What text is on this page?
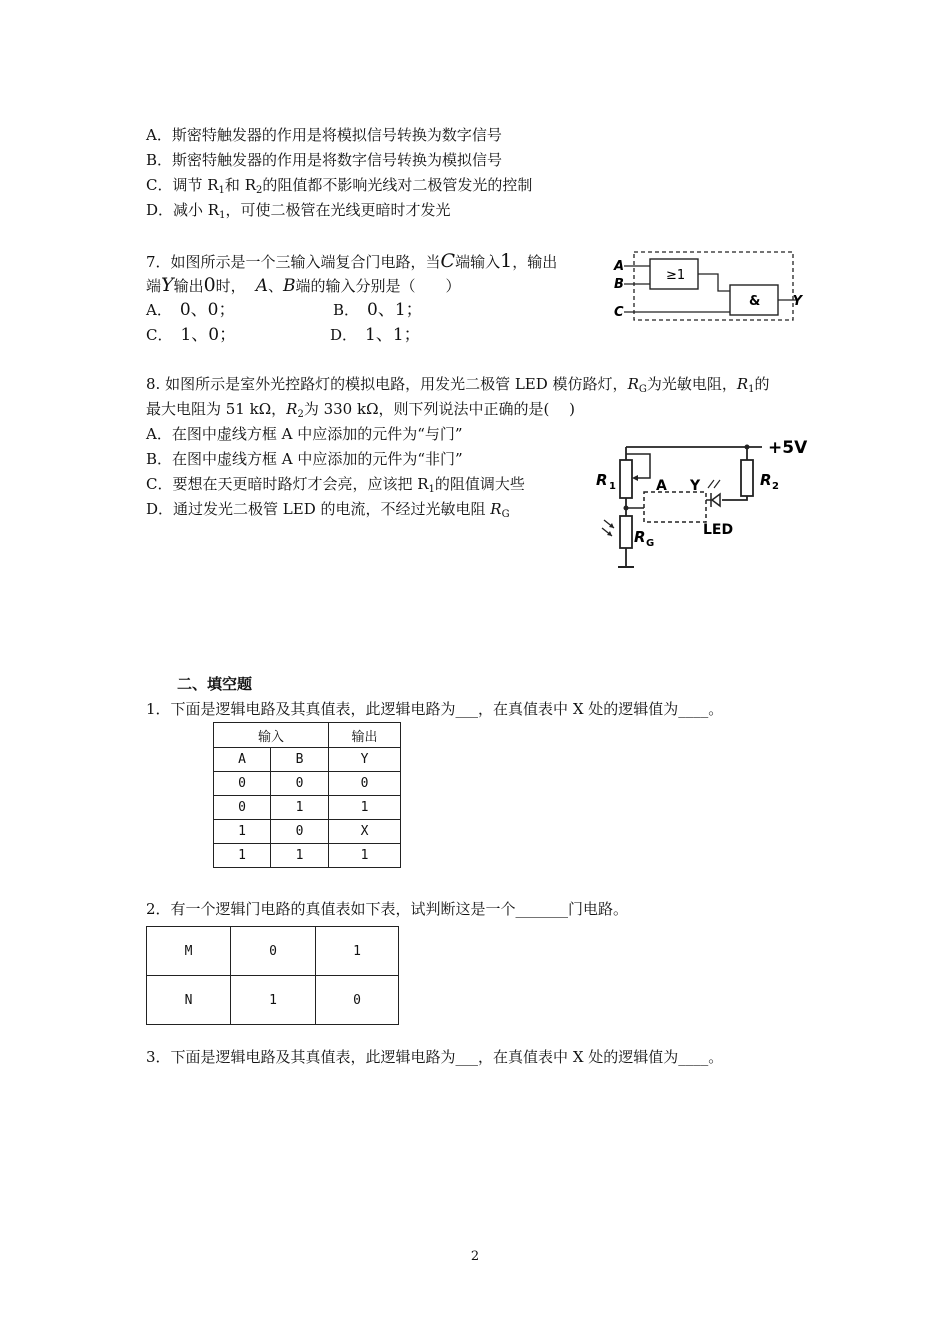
A．斯密特触发器的作用是将模拟信号转换为数字信号
B．斯密特触发器的作用是将数字信号转换为模拟信号
C．调节 $R_1$和 $R_2$的阻值都不影响光线对二极管发光的控制
D．减小 $R_1$，可使二极管在光线更暗时才发光
7．如图所示是一个三输入端复合门电路，当C端输入1，输出
端Y输出0时， A、B端的输入分别是（　　）
A． 0、0；	B． 0、1；
C． 1、0；	D． 1、1；
A
B
C
≥1
& Y
8. 如图所示是室外光控路灯的模拟电路，用发光二极管 LED 模仿路灯，$R_G$为光敏电阻，$R_1$的
最大电阻为 51 kΩ，$R_2$为 330 kΩ，则下列说法中正确的是(　 )
A．在图中虚线方框 A 中应添加的元件为“与门”
B．在图中虚线方框 A 中应添加的元件为“非门”
C．要想在天更暗时路灯才会亮，应该把 $R_1$的阻值调大些
D．通过发光二极管 LED 的电流，不经过光敏电阻 $R_G$
+5V
R 1
R G
A Y	R 2
LED
二、填空题
1．下面是逻辑电路及其真值表，此逻辑电路为___，在真值表中 X 处的逻辑值为____。
输入		输出
A	B	Y
0	0	0
0	1	1
1	0	X
1	1	1
2．有一个逻辑门电路的真值表如下表，试判断这是一个_______门电路。
M	0	1
N	1	0
3．下面是逻辑电路及其真值表，此逻辑电路为___，在真值表中 X 处的逻辑值为____。
2
